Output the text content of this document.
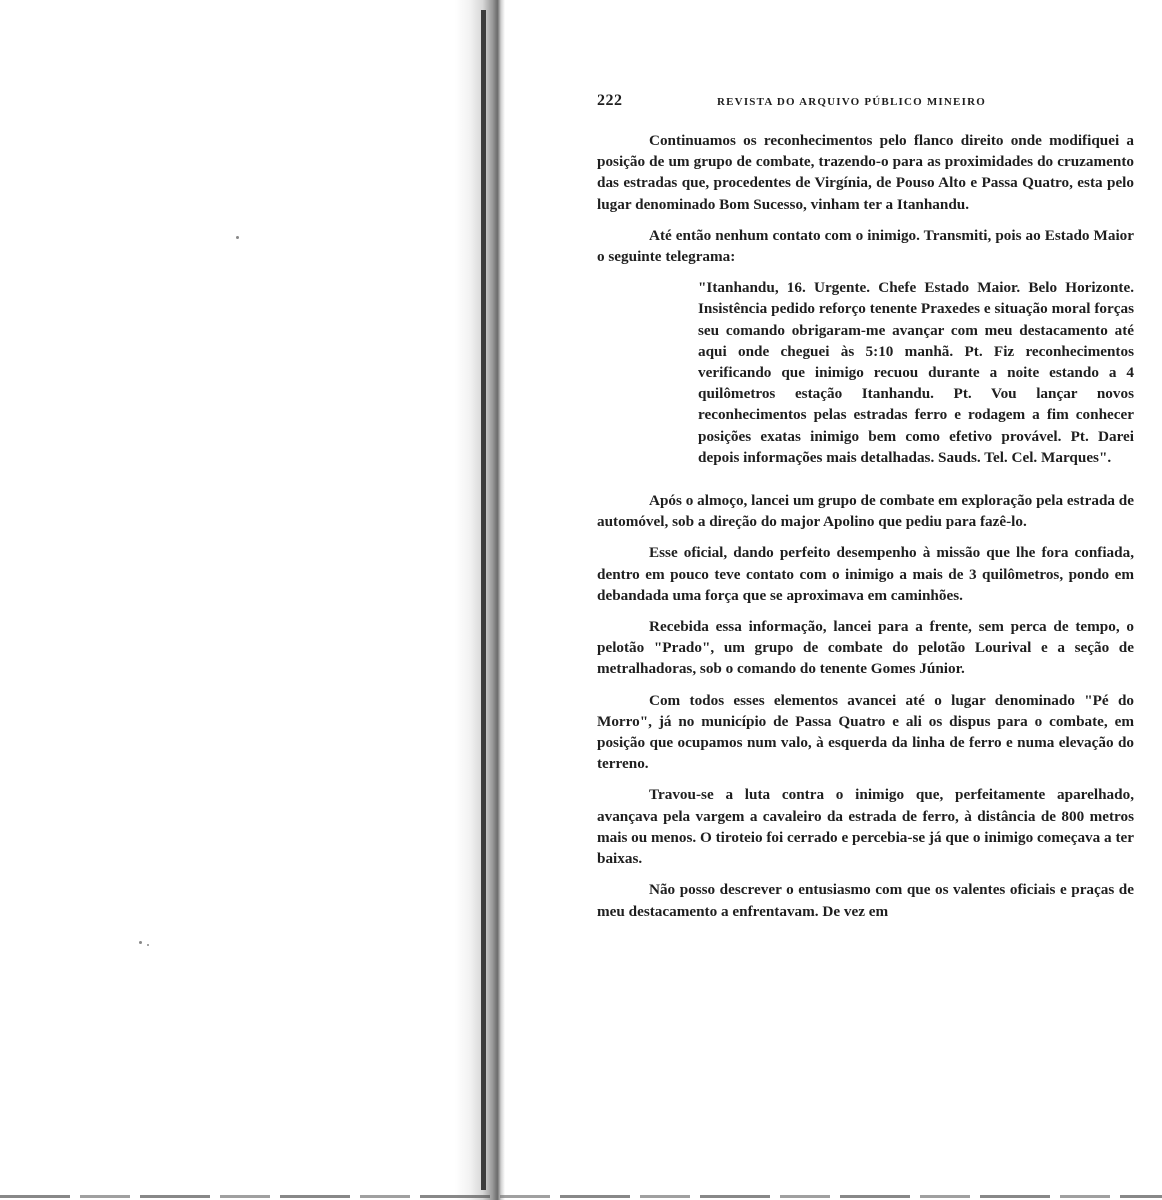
222	REVISTA DO ARQUIVO PÚBLICO MINEIRO

Continuamos os reconhecimentos pelo flanco direito onde modifiquei a posição de um grupo de combate, trazendo-o para as proximidades do cruzamento das estradas que, procedentes de Virgínia, de Pouso Alto e Passa Quatro, esta pelo lugar denominado Bom Sucesso, vinham ter a Itanhandu.

Até então nenhum contato com o inimigo. Transmiti, pois ao Estado Maior o seguinte telegrama:

"Itanhandu, 16. Urgente. Chefe Estado Maior. Belo Horizonte. Insistência pedido reforço tenente Praxedes e situação moral forças seu comando obrigaram-me avançar com meu destacamento até aqui onde cheguei às 5:10 manhã. Pt. Fiz reconhecimentos verificando que inimigo recuou durante a noite estando a 4 quilômetros estação Itanhandu. Pt. Vou lançar novos reconhecimentos pelas estradas ferro e rodagem a fim conhecer posições exatas inimigo bem como efetivo provável. Pt. Darei depois informações mais detalhadas. Sauds. Tel. Cel. Marques".

Após o almoço, lancei um grupo de combate em exploração pela estrada de automóvel, sob a direção do major Apolino que pediu para fazê-lo.

Esse oficial, dando perfeito desempenho à missão que lhe fora confiada, dentro em pouco teve contato com o inimigo a mais de 3 quilômetros, pondo em debandada uma força que se aproximava em caminhões.

Recebida essa informação, lancei para a frente, sem perca de tempo, o pelotão "Prado", um grupo de combate do pelotão Lourival e a seção de metralhadoras, sob o comando do tenente Gomes Júnior.

Com todos esses elementos avancei até o lugar denominado "Pé do Morro", já no município de Passa Quatro e ali os dispus para o combate, em posição que ocupamos num valo, à esquerda da linha de ferro e numa elevação do terreno.

Travou-se a luta contra o inimigo que, perfeitamente aparelhado, avançava pela vargem a cavaleiro da estrada de ferro, à distância de 800 metros mais ou menos. O tiroteio foi cerrado e percebia-se já que o inimigo começava a ter baixas.

Não posso descrever o entusiasmo com que os valentes oficiais e praças de meu destacamento a enfrentavam. De vez em
